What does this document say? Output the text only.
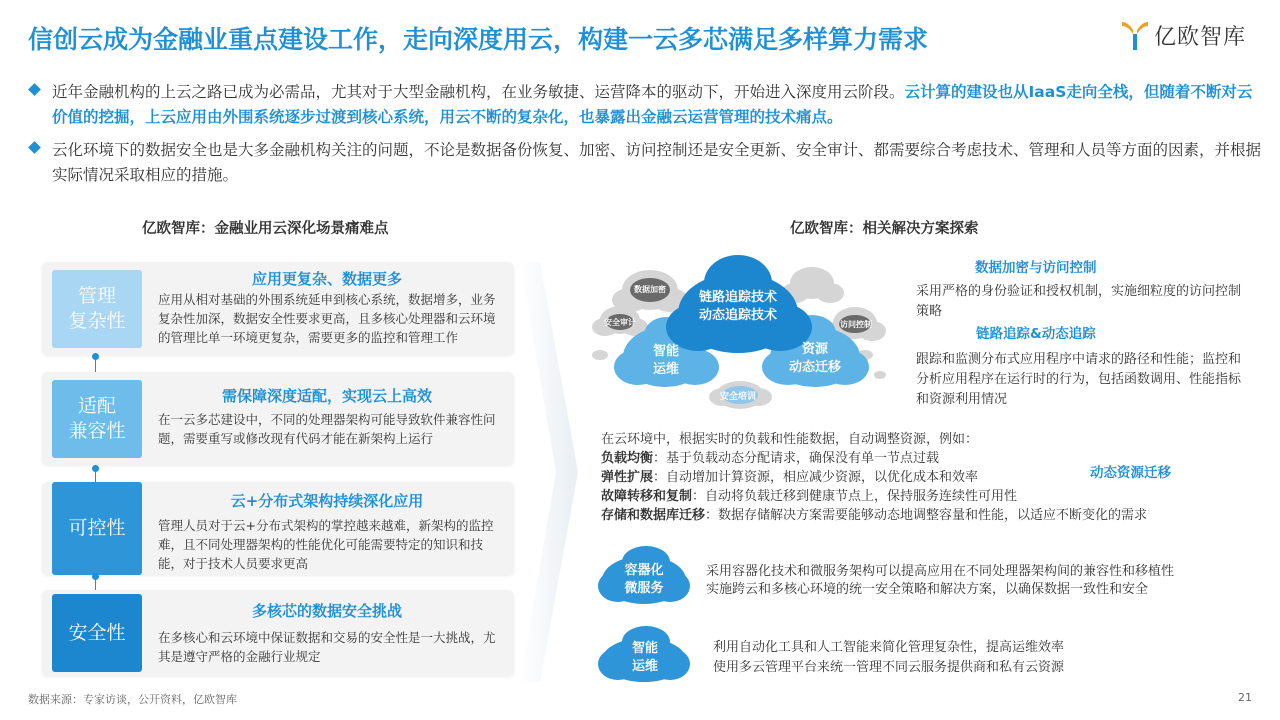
信创云成为金融业重点建设工作，走向深度用云，构建一云多芯满足多样算力需求	亿欧智库
近年金融机构的上云之路已成为必需品，尤其对于大型金融机构，在业务敏捷、运营降本的驱动下，开始进入深度用云阶段。云计算的建设也从IaaS走向全栈，但随着不断对云价值的挖掘，上云应用由外围系统逐步过渡到核心系统，用云不断的复杂化，也暴露出金融云运营管理的技术痛点。
云化环境下的数据安全也是大多金融机构关注的问题，不论是数据备份恢复、加密、访问控制还是安全更新、安全审计、都需要综合考虑技术、管理和人员等方面的因素，并根据实际情况采取相应的措施。
亿欧智库：金融业用云深化场景痛难点
管理
复杂性
应用更复杂、数据更多
应用从相对基础的外围系统延申到核心系统，数据增多，业务复杂性加深，数据安全性要求更高，且多核心处理器和云环境的管理比单一环境更复杂，需要更多的监控和管理工作
适配
兼容性
需保障深度适配，实现云上高效
在一云多芯建设中，不同的处理器架构可能导致软件兼容性问题，需要重写或修改现有代码才能在新架构上运行
可控性
云+分布式架构持续深化应用
管理人员对于云+分布式架构的掌控越来越难，新架构的监控难，且不同处理器架构的性能优化可能需要特定的知识和技能，对于技术人员要求更高
安全性
多核芯的数据安全挑战
在多核心和云环境中保证数据和交易的安全性是一大挑战，尤其是遵守严格的金融行业规定
亿欧智库：相关解决方案探索
链路追踪技术
动态追踪技术
智能
运维
资源
动态迁移
数据加密
安全审计	访问控制
安全培训
数据加密与访问控制
采用严格的身份验证和授权机制，实施细粒度的访问控制策略
链路追踪&动态追踪
跟踪和监测分布式应用程序中请求的路径和性能；监控和分析应用程序在运行时的行为，包括函数调用、性能指标和资源利用情况
在云环境中，根据实时的负载和性能数据，自动调整资源，例如：
负载均衡：基于负载动态分配请求，确保没有单一节点过载
弹性扩展：自动增加计算资源，相应减少资源，以优化成本和效率
故障转移和复制：自动将负载迁移到健康节点上，保持服务连续性可用性
存储和数据库迁移：数据存储解决方案需要能够动态地调整容量和性能，以适应不断变化的需求
动态资源迁移
容器化
微服务
采用容器化技术和微服务架构可以提高应用在不同处理器架构间的兼容性和移植性
实施跨云和多核心环境的统一安全策略和解决方案，以确保数据一致性和安全
智能
运维
利用自动化工具和人工智能来简化管理复杂性，提高运维效率
使用多云管理平台来统一管理不同云服务提供商和私有云资源
数据来源：专家访谈，公开资料，亿欧智库	21
